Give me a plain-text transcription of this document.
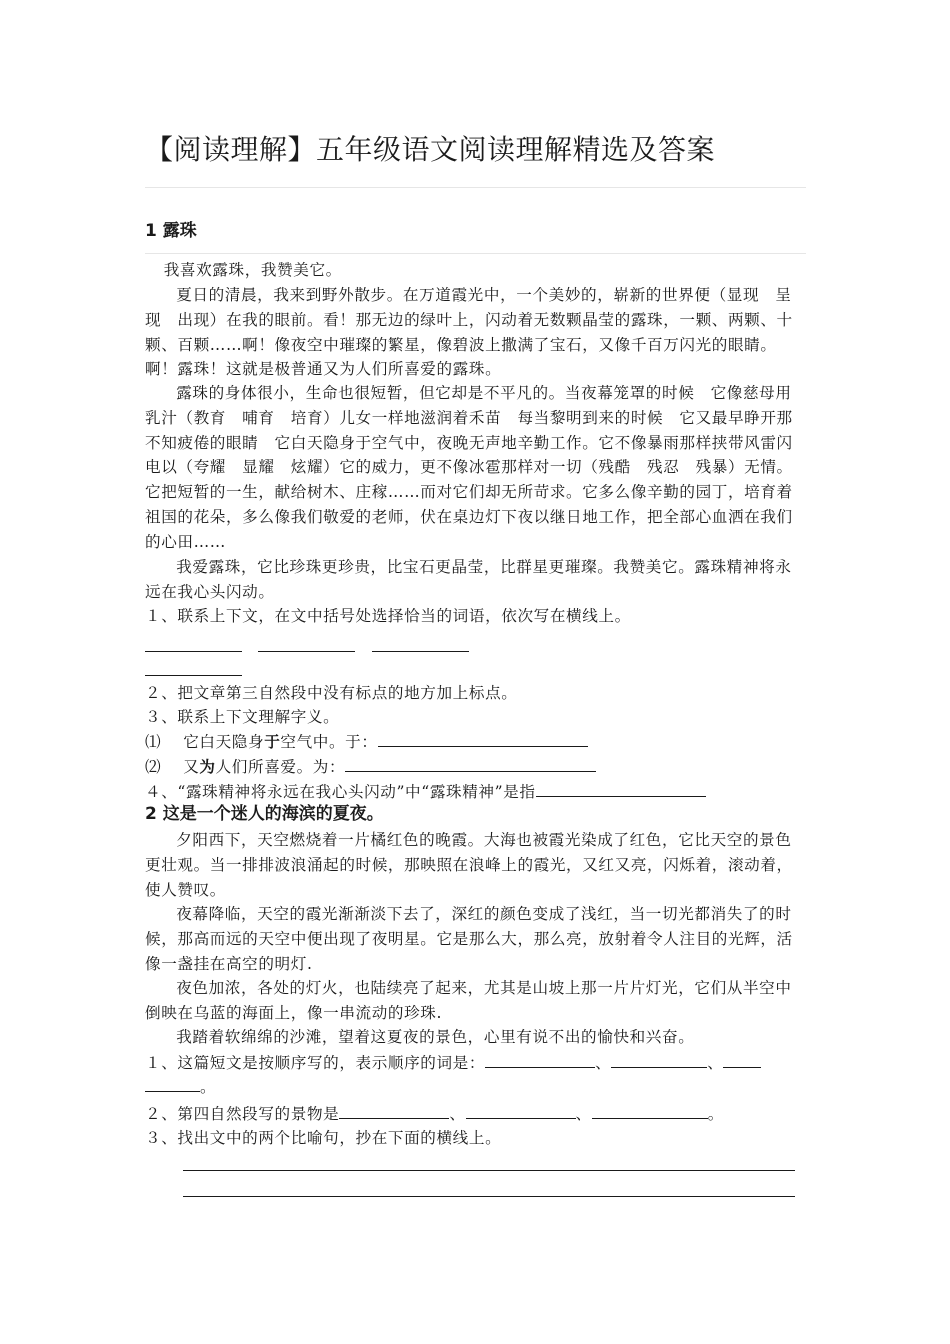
【阅读理解】五年级语文阅读理解精选及答案
1 露珠
我喜欢露珠，我赞美它。
夏日的清晨，我来到野外散步。在万道霞光中，一个美妙的，崭新的世界便（显现　呈现　出现）在我的眼前。看！那无边的绿叶上，闪动着无数颗晶莹的露珠，一颗、两颗、十颗、百颗……啊！像夜空中璀璨的繁星，像碧波上撒满了宝石，又像千百万闪光的眼睛。啊！露珠！这就是极普通又为人们所喜爱的露珠。
露珠的身体很小，生命也很短暂，但它却是不平凡的。当夜幕笼罩的时候　它像慈母用乳汁（教育　哺育　培育）儿女一样地滋润着禾苗　每当黎明到来的时候　它又最早睁开那不知疲倦的眼睛　它白天隐身于空气中，夜晚无声地辛勤工作。它不像暴雨那样挟带风雷闪电以（夸耀　显耀　炫耀）它的威力，更不像冰雹那样对一切（残酷　残忍　残暴）无情。它把短暂的一生，献给树木、庄稼……而对它们却无所苛求。它多么像辛勤的园丁，培育着祖国的花朵，多么像我们敬爱的老师，伏在桌边灯下夜以继日地工作，把全部心血洒在我们的心田……
我爱露珠，它比珍珠更珍贵，比宝石更晶莹，比群星更璀璨。我赞美它。露珠精神将永远在我心头闪动。
１、联系上下文，在文中括号处选择恰当的词语，依次写在横线上。
２、把文章第三自然段中没有标点的地方加上标点。
３、联系上下文理解字义。
⑴ 它白天隐身于空气中。于：
⑵ 又为人们所喜爱。为：
４、“露珠精神将永远在我心头闪动”中“露珠精神”是指
2 这是一个迷人的海滨的夏夜。
夕阳西下，天空燃烧着一片橘红色的晚霞。大海也被霞光染成了红色，它比天空的景色更壮观。当一排排波浪涌起的时候，那映照在浪峰上的霞光，又红又亮，闪烁着，滚动着，使人赞叹。
夜幕降临，天空的霞光渐渐淡下去了，深红的颜色变成了浅红，当一切光都消失了的时候，那高而远的天空中便出现了夜明星。它是那么大，那么亮，放射着令人注目的光辉，活像一盏挂在高空的明灯.
夜色加浓，各处的灯火，也陆续亮了起来，尤其是山坡上那一片片灯光，它们从半空中倒映在乌蓝的海面上，像一串流动的珍珠.
我踏着软绵绵的沙滩，望着这夏夜的景色，心里有说不出的愉快和兴奋。
１、这篇短文是按顺序写的，表示顺序的词是：	、	、
。
２、第四自然段写的景物是	、	、	。
３、找出文中的两个比喻句，抄在下面的横线上。
